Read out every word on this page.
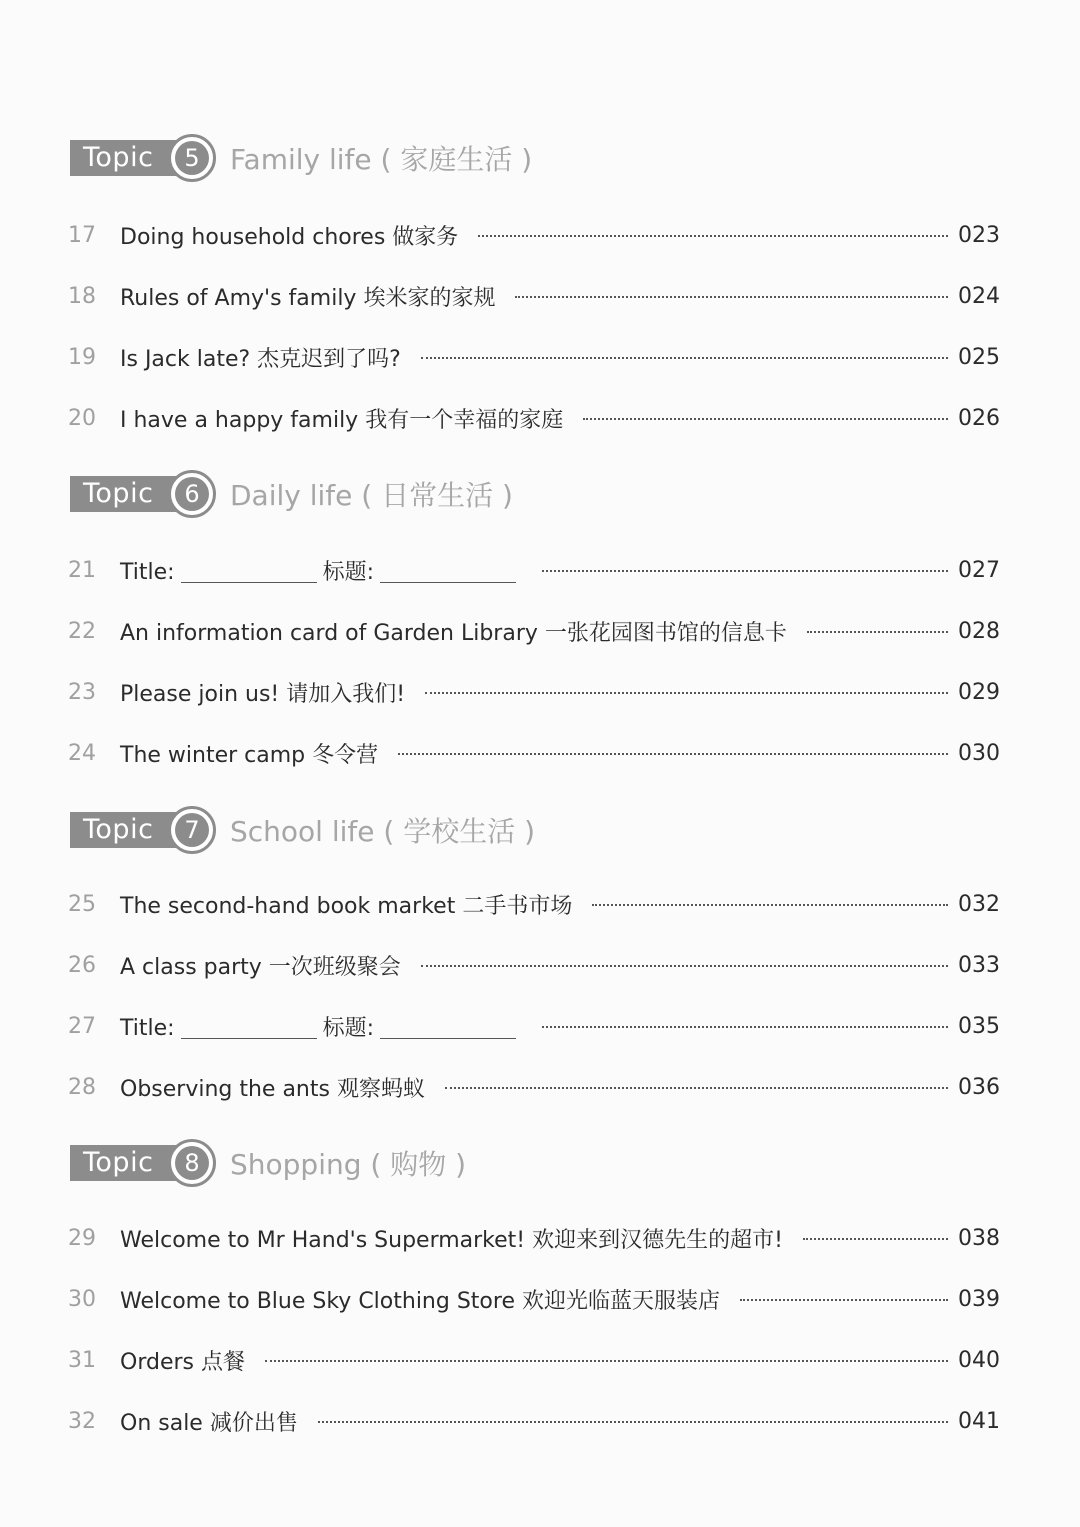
Topic	5	Family life ( 家庭生活 )
17	Doing household chores 做家务	023
18	Rules of Amy's family 埃米家的家规	024
19	Is Jack late? 杰克迟到了吗?	025
20	I have a happy family 我有一个幸福的家庭	026
Topic	6	Daily life ( 日常生活 )
21	Title:	标题:	027
22	An information card of Garden Library 一张花园图书馆的信息卡	028
23	Please join us! 请加入我们!	029
24	The winter camp 冬令营	030
Topic	7	School life ( 学校生活 )
25	The second-hand book market 二手书市场	032
26	A class party 一次班级聚会	033
27	Title:	标题:	035
28	Observing the ants 观察蚂蚁	036
Topic	8	Shopping ( 购物 )
29	Welcome to Mr Hand's Supermarket! 欢迎来到汉德先生的超市!	038
30	Welcome to Blue Sky Clothing Store 欢迎光临蓝天服装店	039
31	Orders 点餐	040
32	On sale 减价出售	041
